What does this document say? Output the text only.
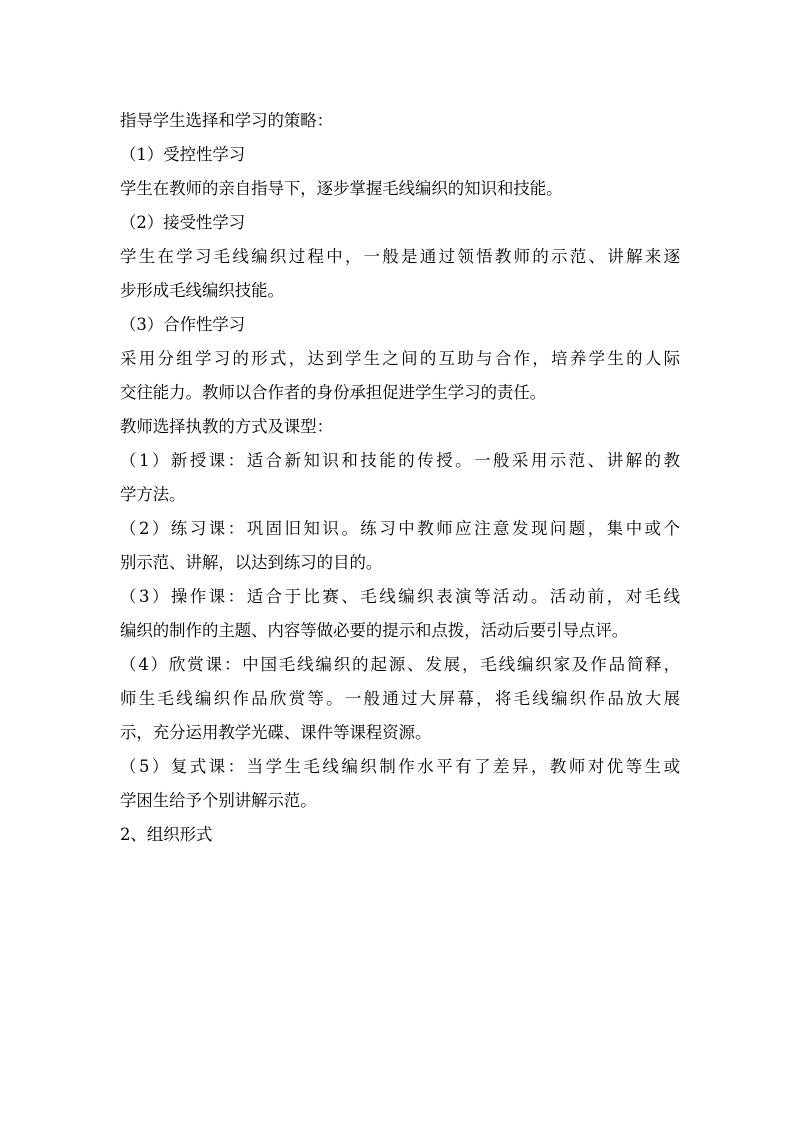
指导学生选择和学习的策略：
（1）受控性学习
学生在教师的亲自指导下，逐步掌握毛线编织的知识和技能。
（2）接受性学习
学生在学习毛线编织过程中，一般是通过领悟教师的示范、讲解来逐
步形成毛线编织技能。
（3）合作性学习
采用分组学习的形式，达到学生之间的互助与合作，培养学生的人际
交往能力。教师以合作者的身份承担促进学生学习的责任。
教师选择执教的方式及课型：
（1）新授课：适合新知识和技能的传授。一般采用示范、讲解的教
学方法。
（2）练习课：巩固旧知识。练习中教师应注意发现问题，集中或个
别示范、讲解，以达到练习的目的。
（3）操作课：适合于比赛、毛线编织表演等活动。活动前，对毛线
编织的制作的主题、内容等做必要的提示和点拨，活动后要引导点评。
（4）欣赏课：中国毛线编织的起源、发展，毛线编织家及作品简释，
师生毛线编织作品欣赏等。一般通过大屏幕，将毛线编织作品放大展
示，充分运用教学光碟、课件等课程资源。
（5）复式课：当学生毛线编织制作水平有了差异，教师对优等生或
学困生给予个别讲解示范。
2、组织形式
